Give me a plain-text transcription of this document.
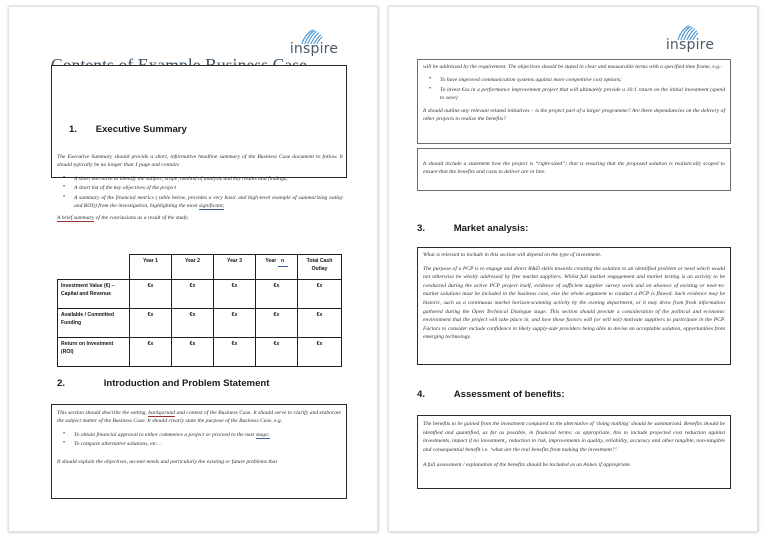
inspire
1. Executive Summary

The Executive Summary should provide a short, informative headline summary of the Business Case document to follow. It should typically be no longer than 1 page and contain:

• A short narrative to identify the subject, scope, method of analysis and key results and findings;
• A short list of the key objectives of the project
• A summary of the financial metrics ( table below, provides a very basic and high-level example of summarizing outlay and ROI)) from the investigation, highlighting the most significant;

A brief summary of the conclusions as a result of the study.

	Year 1	Year 2	Year 3	Year n	Total Cash Outlay
Investment Value (€) – Capital and Revenue	€x	€x	€x	€x	€x
Available / Committed Funding	€x	€x	€x	€x	€x
Return on Investment (ROI)	€x	€x	€x	€x	€x
2.	Introduction and Problem Statement

This section should describe the setting, backgorund and context of the Business Case. It should serve to clarify and elaborate the subject matter of the Business Case. It should clearly state the purpose of the Business Case, e.g.

• To obtain financial approval to either commence a project or proceed to the next stage;
• To compare alternative solutions, etc…

It should explain the objectives, un-met needs and particularly the existing or future problems that

inspire

will be addressed by the requirement. The objectives should be stated in clear and measurable terms with a specified time frame, e.g.:

• To have improved communication systems against more competitive cost options;
• To invest €xx in a performance improvement project that will ultimately provide a 10:1 return on the initial investment (spend to save)

It should outline any relevant related initiatives – is the project part of a larger programme? Are there dependancies on the delivery of other projects to realise the benefits?

It should include a statement how the project is “right-sized”; that is ensuring that the proposed solution is realistically scoped to ensure that the benefits and costs to deliver are in line.

3.	Market analysis:

What is relevant to include in this section will depend on the type of investment.

The purpose of a PCP is to engage and direct R&D skills towards creating the solution to an identified problem or need which would not otherwise be wholly addressed by free market suppliers. Whilst full market engagement and market testing is an activity to be conducted during the active PCP project itself, evidence of sufficient supplier survey work and an absence of existing or near-to-market solutions must be included in the business case, else the whole argument to conduct a PCP is flawed. Such evidence may be historic, such as a continuous market horizon-scanning activity by the owning department, or it may draw from fresh information gathered during the Open Technical Dialogue stage. This section should provide a consideration of the political and economic environment that the project will take place in, and how those factors will (or will not) motivate suppliers to participate in the PCP. Factors to consider include confidence in likely supply-side providers being able to devise an acceptable solution, opportunities from emerging technology.

4.	Assessment of benefits:

The benefits to be gained from the investment compared to the alternative of ‘doing nothing’ should be summarised. Benefits should be identfied and quantified, as far as possible, in financial terms: as appropriate, this to include projected cost reduction against investments, impact if no investment,, reduction in risk, improvements in quality, reliability, accuracy and other tangible, non-tangible and consequential benefit i.e. ‘what are the real benefits from making the investment?’

A full assessment / explanation of the benefits should be included as an Annex if appropriate.
